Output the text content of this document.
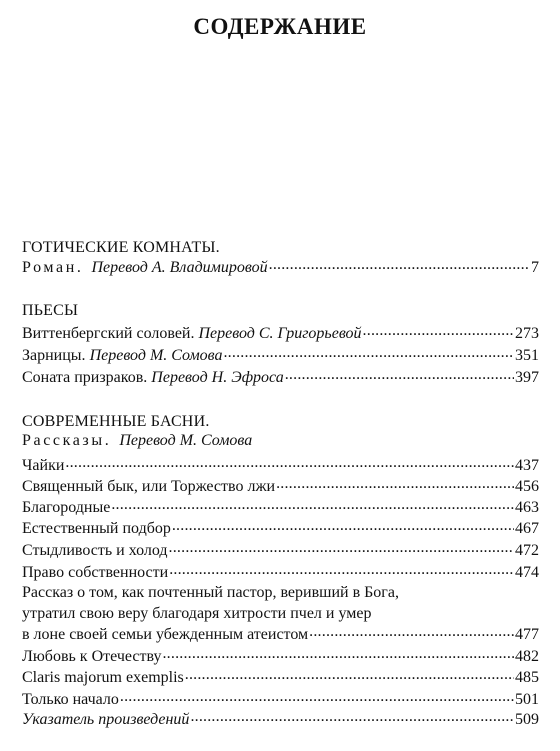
СОДЕРЖАНИЕ
ГОТИЧЕСКИЕ КОМНАТЫ.
Роман. Перевод А. Владимировой .....	7
ПЬЕСЫ
Виттенбергский соловей. Перевод С. Григорьевой .....	273
Зарницы. Перевод М. Сомова .....	351
Соната призраков. Перевод Н. Эфроса .....	397
СОВРЕМЕННЫЕ БАСНИ.
Рассказы. Перевод М. Сомова
Чайки .....	437
Священный бык, или Торжество лжи .....	456
Благородные .....	463
Естественный подбор .....	467
Стыдливость и холод .....	472
Право собственности .....	474
Рассказ о том, как почтенный пастор, веривший в Бога,
утратил свою веру благодаря хитрости пчел и умер
в лоне своей семьи убежденным атеистом .....	477
Любовь к Отечеству .....	482
Claris majorum exemplis .....	485
Только начало .....	501
Указатель произведений .....	509
